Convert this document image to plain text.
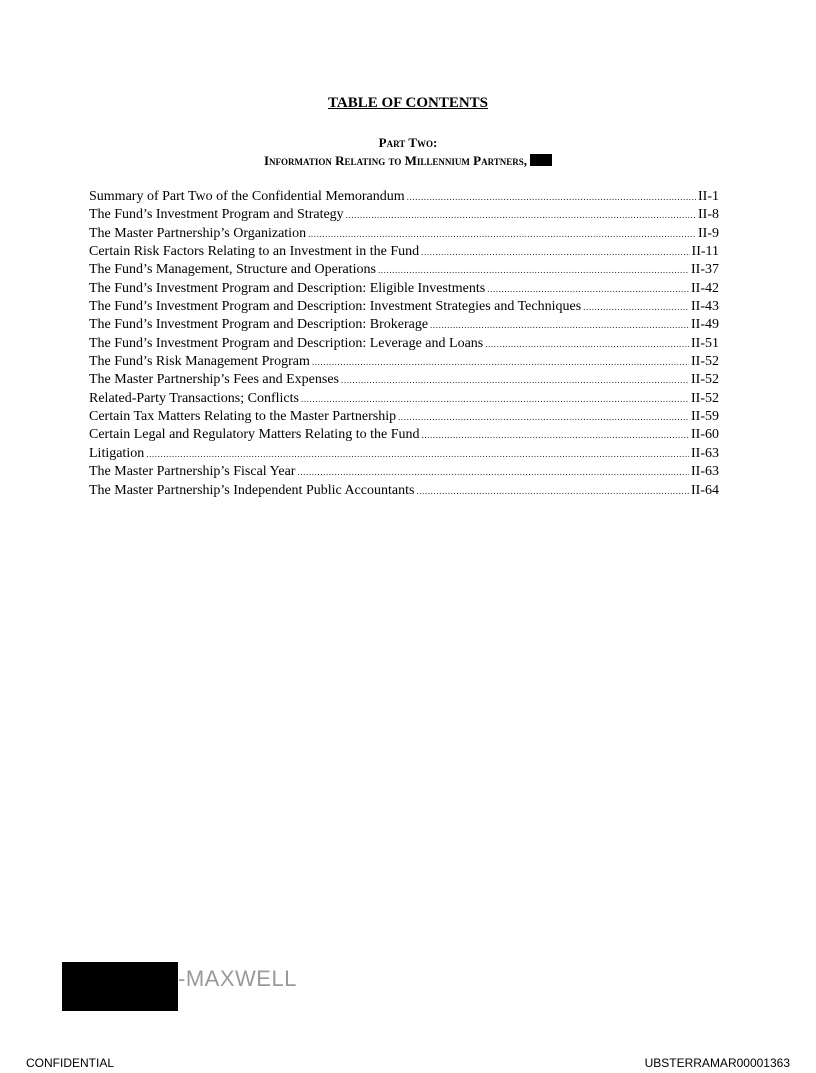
TABLE OF CONTENTS
Part Two:
Information Relating to Millennium Partners,
Summary of Part Two of the Confidential Memorandum .....	II-1
The Fund’s Investment Program and Strategy .....	II-8
The Master Partnership’s Organization .....	II-9
Certain Risk Factors Relating to an Investment in the Fund .....	II-11
The Fund’s Management, Structure and Operations .....	II-37
The Fund’s Investment Program and Description: Eligible Investments .....	II-42
The Fund’s Investment Program and Description: Investment Strategies and Techniques .....	II-43
The Fund’s Investment Program and Description: Brokerage .....	II-49
The Fund’s Investment Program and Description: Leverage and Loans .....	II-51
The Fund’s Risk Management Program .....	II-52
The Master Partnership’s Fees and Expenses .....	II-52
Related-Party Transactions; Conflicts .....	II-52
Certain Tax Matters Relating to the Master Partnership .....	II-59
Certain Legal and Regulatory Matters Relating to the Fund .....	II-60
Litigation .....	II-63
The Master Partnership’s Fiscal Year .....	II-63
The Master Partnership’s Independent Public Accountants .....	II-64
-MAXWELL
CONFIDENTIAL	UBSTERRAMAR00001363
